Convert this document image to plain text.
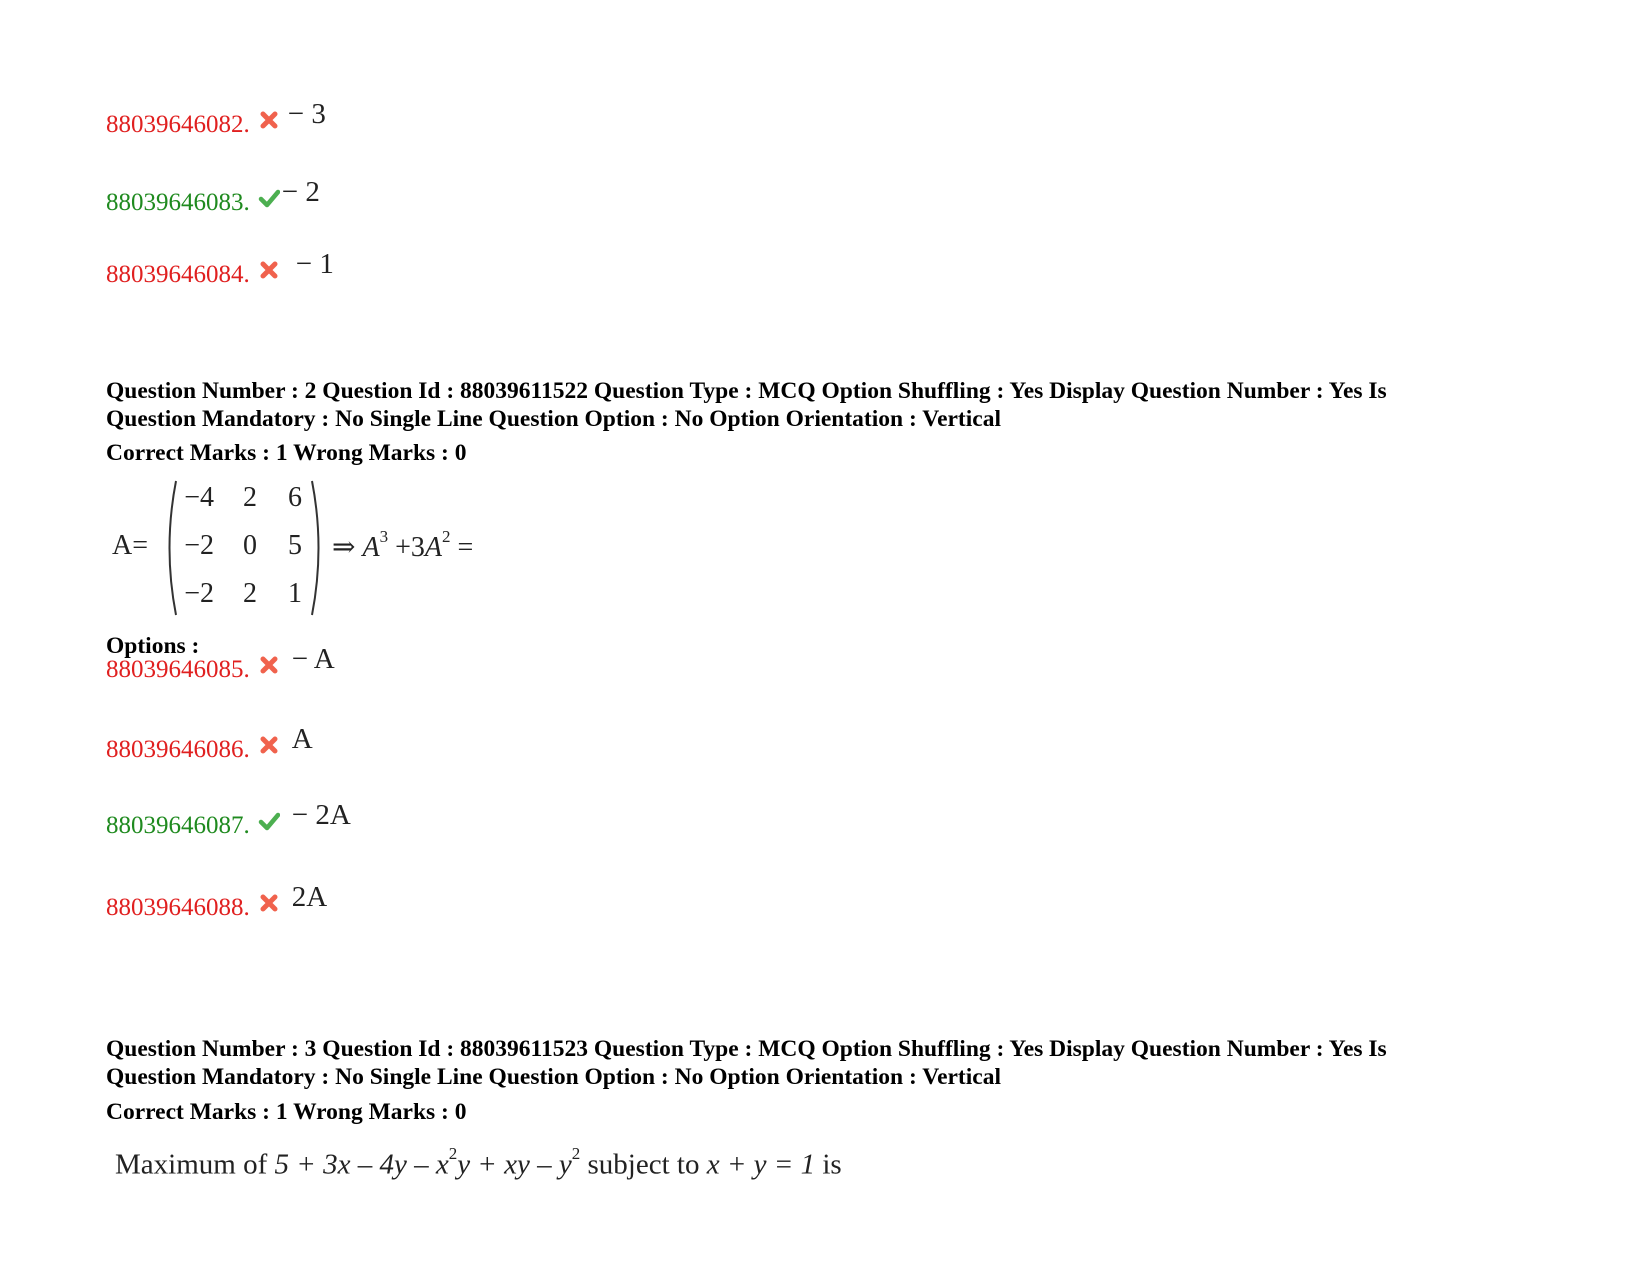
88039646082. − 3
88039646083. − 2
88039646084. − 1
Question Number : 2 Question Id : 88039611522 Question Type : MCQ Option Shuffling : Yes Display Question Number : Yes Is
Question Mandatory : No Single Line Question Option : No Option Orientation : Vertical
Correct Marks : 1 Wrong Marks : 0
A=
−4	2	6
−2	0	5
−2	2	1
⇒ $A^3 +3A^2$ =
Options :
88039646085. − A
88039646086. A
88039646087. − 2A
88039646088. 2A
Question Number : 3 Question Id : 88039611523 Question Type : MCQ Option Shuffling : Yes Display Question Number : Yes Is
Question Mandatory : No Single Line Question Option : No Option Orientation : Vertical
Correct Marks : 1 Wrong Marks : 0
Maximum of $5 + 3x - 4y - x^2y$ + xy – $y^2$ subject to x + y = 1 is
